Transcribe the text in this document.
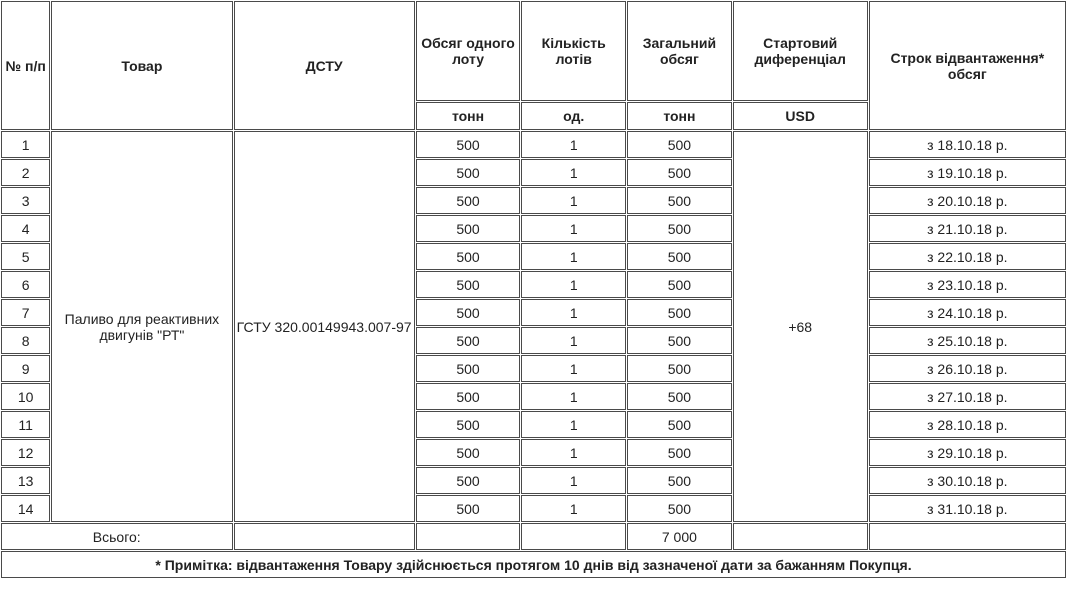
№ п/п	Товар	ДСТУ	Обсяг одного лоту	Кількість лотів	Загальний обсяг	Стартовий диференціал	Строк відвантаження* обсяг
			тонн	од.	тонн	USD	
1	Паливо для реактивних двигунів "РТ"	ГСТУ 320.00149943.007-97	500	1	500	+68	з 18.10.18 р.
2			500	1	500		з 19.10.18 р.
3			500	1	500		з 20.10.18 р.
4			500	1	500		з 21.10.18 р.
5			500	1	500		з 22.10.18 р.
6			500	1	500		з 23.10.18 р.
7			500	1	500		з 24.10.18 р.
8			500	1	500		з 25.10.18 р.
9			500	1	500		з 26.10.18 р.
10			500	1	500		з 27.10.18 р.
11			500	1	500		з 28.10.18 р.
12			500	1	500		з 29.10.18 р.
13			500	1	500		з 30.10.18 р.
14			500	1	500		з 31.10.18 р.
Всього:					7 000		
* Примітка: відвантаження Товару здійснюється протягом 10 днів від зазначеної дати за бажанням Покупця.							
